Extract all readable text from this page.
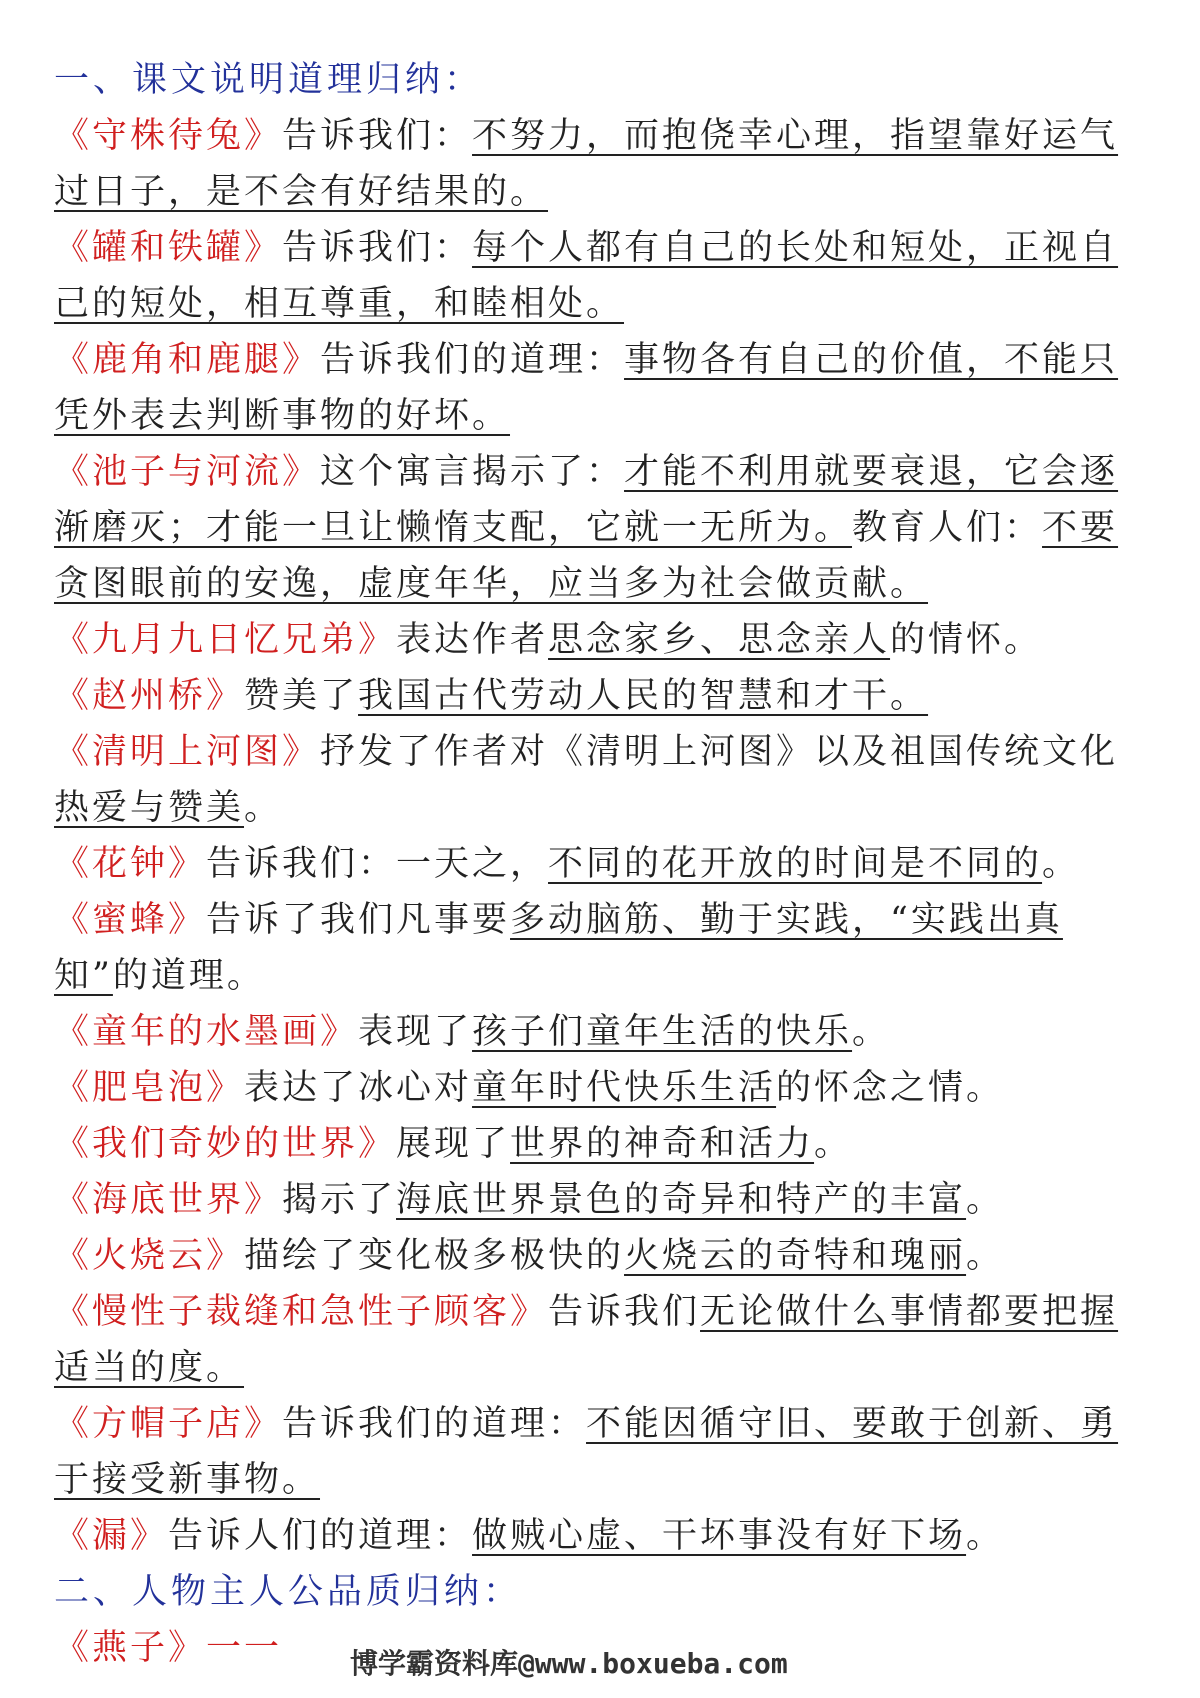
一、课文说明道理归纳：
《守株待兔》告诉我们：不努力，而抱侥幸心理，指望靠好运气过日子，是不会有好结果的。
《罐和铁罐》告诉我们：每个人都有自己的长处和短处，正视自己的短处，相互尊重，和睦相处。
《鹿角和鹿腿》告诉我们的道理：事物各有自己的价值，不能只凭外表去判断事物的好坏。
《池子与河流》这个寓言揭示了：才能不利用就要衰退，它会逐渐磨灭；才能一旦让懒惰支配，它就一无所为。教育人们：不要贪图眼前的安逸，虚度年华，应当多为社会做贡献。
《九月九日忆兄弟》表达作者思念家乡、思念亲人的情怀。
《赵州桥》赞美了我国古代劳动人民的智慧和才干。
《清明上河图》抒发了作者对《清明上河图》以及祖国传统文化热爱与赞美。
《花钟》告诉我们：一天之，不同的花开放的时间是不同的。
《蜜蜂》告诉了我们凡事要多动脑筋、勤于实践，“实践出真知”的道理。
《童年的水墨画》表现了孩子们童年生活的快乐。
《肥皂泡》表达了冰心对童年时代快乐生活的怀念之情。
《我们奇妙的世界》展现了世界的神奇和活力。
《海底世界》揭示了海底世界景色的奇异和特产的丰富。
《火烧云》描绘了变化极多极快的火烧云的奇特和瑰丽。
《慢性子裁缝和急性子顾客》告诉我们无论做什么事情都要把握适当的度。
《方帽子店》告诉我们的道理：不能因循守旧、要敢于创新、勇于接受新事物。
《漏》告诉人们的道理：做贼心虚、干坏事没有好下场。
二、人物主人公品质归纳：
《燕子》一一	博学霸资料库@www.boxueba.com
